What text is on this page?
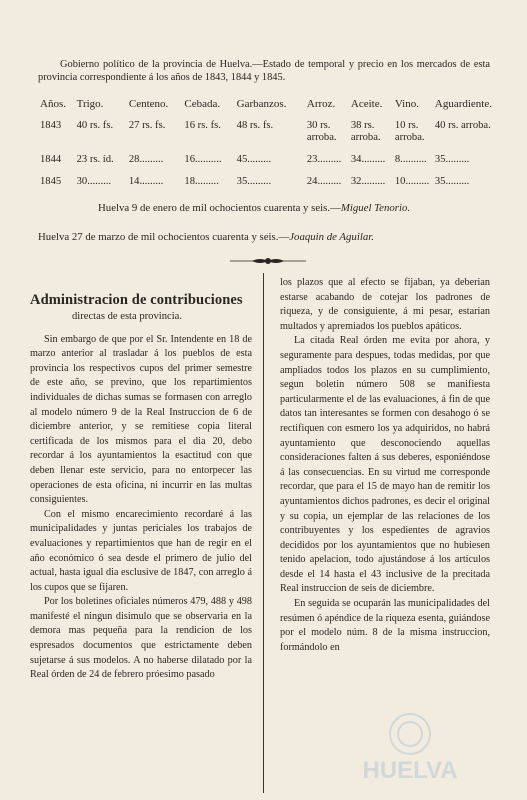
Gobierno político de la provincia de Huelva.—Estado de temporal y precio en los mercados de esta provincia correspondiente á los años de 1843, 1844 y 1845.

Años.	Trigo.	Centeno.	Cebada.	Garbanzos.	Arroz.	Aceite.	Vino.	Aguardiente.
1843	40 rs. fs.	27 rs. fs.	16 rs. fs.	48 rs. fs.	30 rs. arroba.	38 rs. arroba.	10 rs. arroba.	40 rs. arroba.
1844	23 rs. íd.	28.........	16..........	45.........	23.........	34.........	8..........	35.........
1845	30.........	14.........	18.........	35.........	24.........	32.........	10.........	35.........
Huelva 9 de enero de mil ochocientos cuarenta y seis.—Miguel Tenorio.
Huelva 27 de marzo de mil ochocientos cuarenta y seis.—Joaquin de Aguilar.
Administracion de contribuciones
directas de esta provincia.

Sin embargo de que por el Sr. Intendente en 18 de marzo anterior al trasladar á los pueblos de esta provincia los respectivos cupos del primer semestre de este año, se previno, que los repartimientos individuales de dichas sumas se formasen con arreglo al modelo número 9 de la Real Instruccion de 6 de diciembre anterior, y se remitiese copia literal certificada de los mismos para el dia 20, debo recordar á los ayuntamientos la esactitud con que deben llenar este servicio, para no entorpecer las operaciones de esta oficina, ni incurrir en las multas consiguientes.

Con el mismo encarecimiento recordaré á las municipalidades y juntas periciales los trabajos de evaluaciones y repartimientos que han de regir en el año económico ó sea desde el primero de julio del actual, hasta igual dia esclusive de 1847, con arreglo á los cupos que se fijaren.

Por los boletines oficiales números 479, 488 y 498 manifesté el ningun disimulo que se observaria en la demora mas pequeña para la rendicion de los espresados documentos que estrictamente deben sujetarse á sus modelos. A no haberse dilatado por la Real órden de 24 de febrero próesimo pasado

los plazos que al efecto se fijaban, ya deberian estarse acabando de cotejar los padrones de riqueza, y de consiguiente, á mi pesar, estarian multados y apremiados los pueblos apáticos.

La citada Real órden me evita por ahora, y seguramente para despues, todas medidas, por que ampliados todos los plazos en su cumplimiento, segun boletin número 508 se manifiesta particularmente el de las evaluaciones, á fin de que datos tan interesantes se formen con desahogo ó se rectifiquen con esmero los ya adquiridos, no habrá ayuntamiento que desconociendo aquellas consideraciones falten á sus deberes, esponiéndose á las consecuencias. En su virtud me corresponde recordar, que para el 15 de mayo han de remitir los ayuntamientos dichos padrones, es decir el original y su copia, un ejemplar de las relaciones de los contribuyentes y los espedientes de agravios decididos por los ayuntamientos que no hubiesen tenido apelacion, todo ajustándose á los artículos desde el 14 hasta el 43 inclusive de la precitada Real instruccion de seis de diciembre.

En seguida se ocuparán las municipalidades del resúmen ó apéndice de la riqueza esenta, guiándose por el modelo núm. 8 de la misma instruccion, formándolo en

HUELVA
